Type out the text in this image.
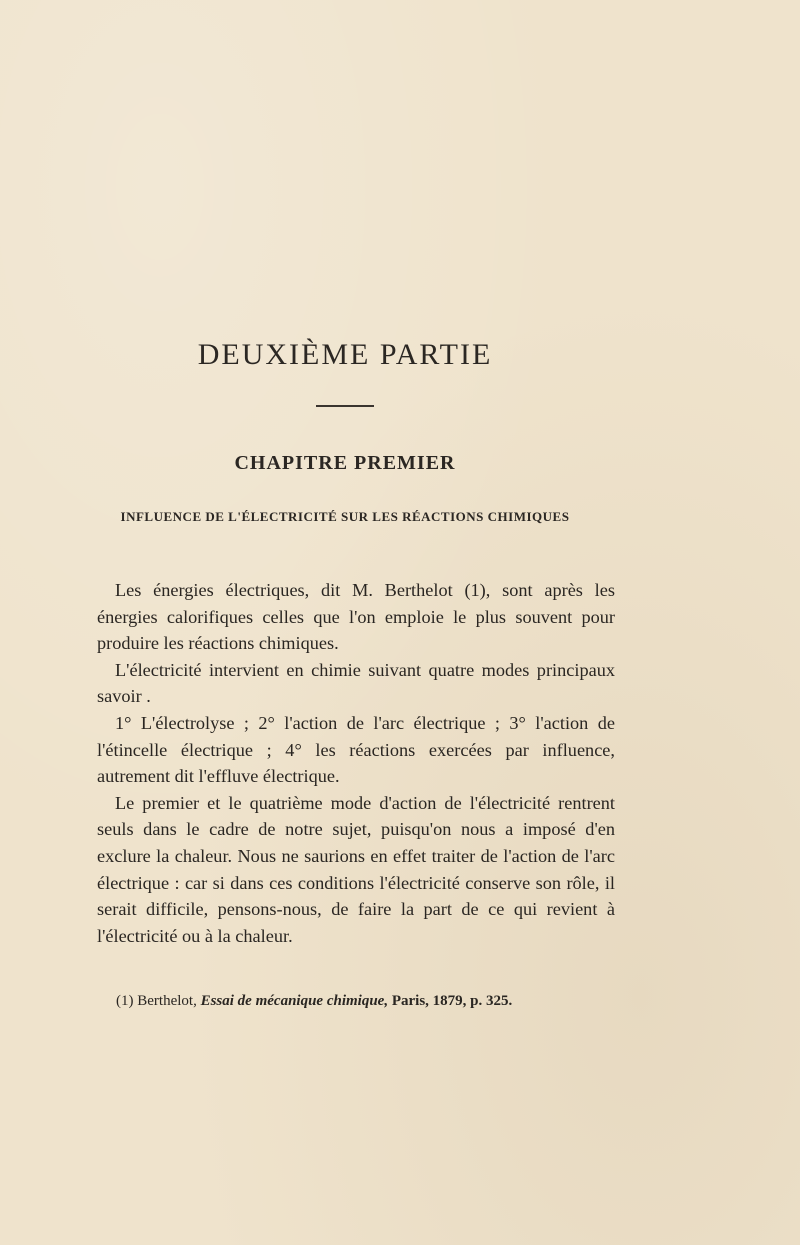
DEUXIÈME PARTIE
CHAPITRE PREMIER
INFLUENCE DE L'ÉLECTRICITÉ SUR LES RÉACTIONS CHIMIQUES

Les énergies électriques, dit M. Berthelot (1), sont après les énergies calorifiques celles que l'on emploie le plus souvent pour produire les réactions chimiques.

L'électricité intervient en chimie suivant quatre modes principaux savoir .

1° L'électrolyse ; 2° l'action de l'arc électrique ; 3° l'action de l'étincelle électrique ; 4° les réactions exercées par influence, autrement dit l'effluve électrique.

Le premier et le quatrième mode d'action de l'électricité rentrent seuls dans le cadre de notre sujet, puisqu'on nous a imposé d'en exclure la chaleur. Nous ne saurions en effet traiter de l'action de l'arc électrique : car si dans ces conditions l'électricité conserve son rôle, il serait difficile, pensons-nous, de faire la part de ce qui revient à l'électricité ou à la chaleur.

(1) Berthelot, Essai de mécanique chimique, Paris, 1879, p. 325.
